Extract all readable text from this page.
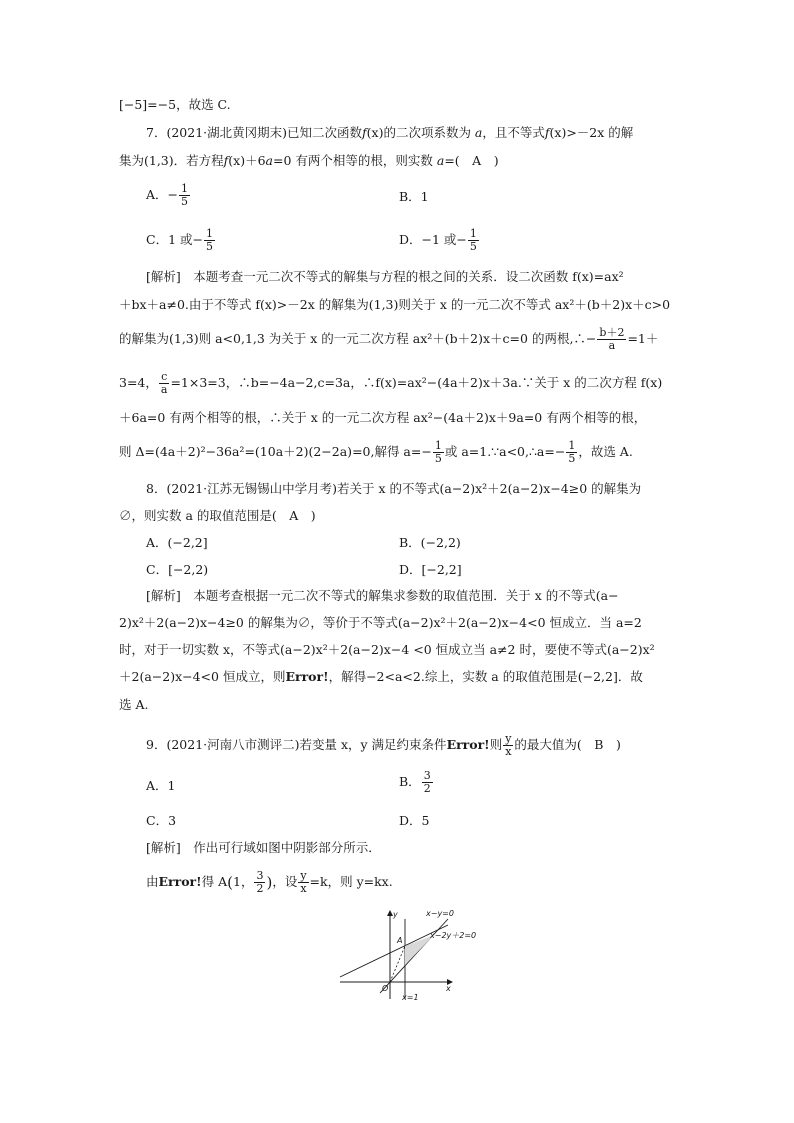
[−5]=−5，故选 C.
7．(2021·湖北黄冈期末)已知二次函数f(x)的二次项系数为 a，且不等式f(x)>－2x 的解
集为(1,3)．若方程f(x)＋6a=0 有两个相等的根，则实数 a=(　A　)
A．− $\frac{1}{5}$	B．1
C．1 或− $\frac{1}{5}$	D．−1 或− $\frac{1}{5}$
[解析]　本题考查一元二次不等式的解集与方程的根之间的关系．设二次函数 f(x)=ax²
＋bx＋a≠0.由于不等式 f(x)>－2x 的解集为(1,3)则关于 x 的一元二次不等式 ax²＋(b＋2)x＋c>0
的解集为(1,3)则 a<0,1,3 为关于 x 的一元二次方程 ax²＋(b＋2)x＋c=0 的两根,∴− $\frac{b+2}{a} =1+$
3=4， $\frac{c}{a} =1\times 3=3$，∴b=−4a−2,c=3a，∴f(x)=ax²−(4a＋2)x＋3a.∵关于 x 的二次方程 f(x)
＋6a=0 有两个相等的根，∴关于 x 的一元二次方程 ax²−(4a＋2)x＋9a=0 有两个相等的根，
则 Δ=(4a＋2)²−36a²=(10a＋2)(2−2a)=0,解得 $a=- \frac{1}{5}$ 或 a=1.∵a<0,∴a=− $\frac{1}{5}$ ，故选 A.
8．(2021·江苏无锡锡山中学月考)若关于 x 的不等式(a−2)x²＋2(a−2)x−4≥0 的解集为
∅，则实数 a 的取值范围是(　A　)
A．(−2,2]	B．(−2,2)
C．[−2,2)	D．[−2,2]
[解析]　本题考查根据一元二次不等式的解集求参数的取值范围．关于 x 的不等式(a−
2)x²＋2(a−2)x−4≥0 的解集为∅，等价于不等式(a−2)x²＋2(a−2)x−4<0 恒成立．当 a=2
时，对于一切实数 x，不等式(a−2)x²＋2(a−2)x−4 <0 恒成立当 a≠2 时，要使不等式(a−2)x²
＋2(a−2)x−4<0 恒成立，则Error!，解得−2<a<2.综上，实数 a 的取值范围是(−2,2]．故
选 A.
9．(2021·河南八市测评二)若变量 x，y 满足约束条件Error!则 $\frac{y}{x}$ 的最大值为(　B　)
A．1	B． $\frac{3}{2}$
C．3	D．5
[解析]　作出可行域如图中阴影部分所示．
由Error!得 A(1， $\frac{3}{2}$ )，设 $\frac{y}{x} =k$，则 y=kx.
x
y
O
A
x−y=0
x−2y＋2=0
x=1
